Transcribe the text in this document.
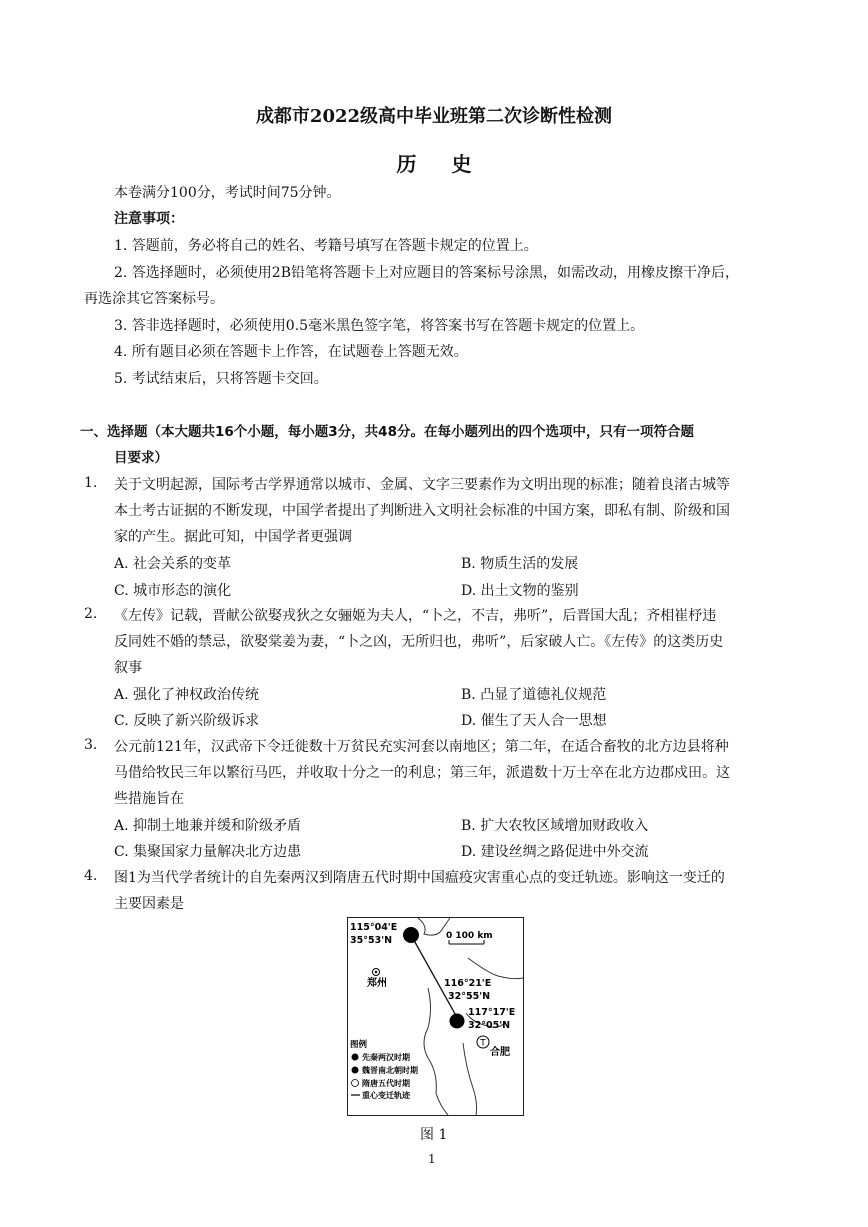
成都市2022级高中毕业班第二次诊断性检测
历 史
本卷满分100分，考试时间75分钟。
注意事项：
1. 答题前，务必将自己的姓名、考籍号填写在答题卡规定的位置上。
2. 答选择题时，必须使用2B铅笔将答题卡上对应题目的答案标号涂黑，如需改动，用橡皮擦干净后，
再选涂其它答案标号。
3. 答非选择题时，必须使用0.5毫米黑色签字笔，将答案书写在答题卡规定的位置上。
4. 所有题目必须在答题卡上作答，在试题卷上答题无效。
5. 考试结束后，只将答题卡交回。
一、选择题（本大题共16个小题，每小题3分，共48分。在每小题列出的四个选项中，只有一项符合题
目要求）
1. 关于文明起源，国际考古学界通常以城市、金属、文字三要素作为文明出现的标准；随着良渚古城等
本土考古证据的不断发现，中国学者提出了判断进入文明社会标准的中国方案，即私有制、阶级和国
家的产生。据此可知，中国学者更强调
A. 社会关系的变革	B. 物质生活的发展
C. 城市形态的演化	D. 出土文物的鉴别
2. 《左传》记载，晋献公欲娶戎狄之女骊姬为夫人，“卜之，不吉，弗听”，后晋国大乱；齐相崔杼违
反同姓不婚的禁忌，欲娶棠姜为妻，“卜之凶，无所归也，弗听”，后家破人亡。《左传》的这类历史
叙事
A. 强化了神权政治传统	B. 凸显了道德礼仪规范
C. 反映了新兴阶级诉求	D. 催生了天人合一思想
3. 公元前121年，汉武帝下令迁徙数十万贫民充实河套以南地区；第二年，在适合畜牧的北方边县将种
马借给牧民三年以繁衍马匹，并收取十分之一的利息；第三年，派遣数十万士卒在北方边郡戍田。这
些措施旨在
A. 抑制土地兼并缓和阶级矛盾	B. 扩大农牧区域增加财政收入
C. 集聚国家力量解决北方边患	D. 建设丝绸之路促进中外交流
4. 图1为当代学者统计的自先秦两汉到隋唐五代时期中国瘟疫灾害重心点的变迁轨迹。影响这一变迁的
主要因素是
T
115°04'E
35°53'N	0 100 km
郑州	116°21'E
32°55'N
117°17'E
32°05'N
合肥
图例
先秦两汉时期
魏晋南北朝时期
隋唐五代时期
重心变迁轨迹
图 1
1
